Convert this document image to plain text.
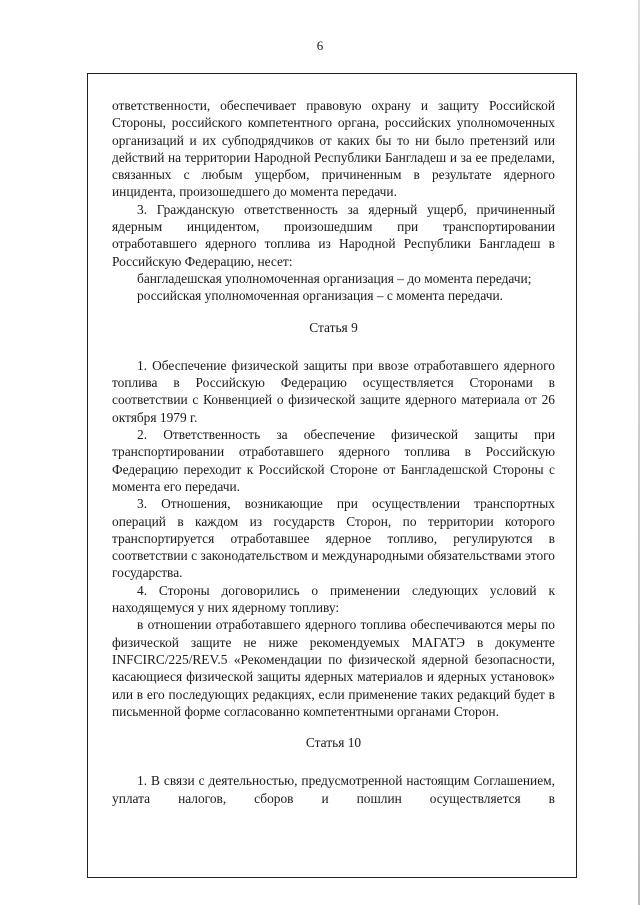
6

ответственности, обеспечивает правовую охрану и защиту Российской Стороны, российского компетентного органа, российских уполномоченных организаций и их субподрядчиков от каких бы то ни было претензий или действий на территории Народной Республики Бангладеш и за ее пределами, связанных с любым ущербом, причиненным в результате ядерного инцидента, произошедшего до момента передачи.

3. Гражданскую ответственность за ядерный ущерб, причиненный ядерным инцидентом, произошедшим при транспортировании отработавшего ядерного топлива из Народной Республики Бангладеш в Российскую Федерацию, несет:

бангладешская уполномоченная организация – до момента передачи;

российская уполномоченная организация – с момента передачи.

Статья 9

1. Обеспечение физической защиты при ввозе отработавшего ядерного топлива в Российскую Федерацию осуществляется Сторонами в соответствии с Конвенцией о физической защите ядерного материала от 26 октября 1979 г.

2. Ответственность за обеспечение физической защиты при транспортировании отработавшего ядерного топлива в Российскую Федерацию переходит к Российской Стороне от Бангладешской Стороны с момента его передачи.

3. Отношения, возникающие при осуществлении транспортных операций в каждом из государств Сторон, по территории которого транспортируется отработавшее ядерное топливо, регулируются в соответствии с законодательством и международными обязательствами этого государства.

4. Стороны договорились о применении следующих условий к находящемуся у них ядерному топливу:

в отношении отработавшего ядерного топлива обеспечиваются меры по физической защите не ниже рекомендуемых МАГАТЭ в документе INFCIRC/225/REV.5 «Рекомендации по физической ядерной безопасности, касающиеся физической защиты ядерных материалов и ядерных установок» или в его последующих редакциях, если применение таких редакций будет в письменной форме согласованно компетентными органами Сторон.

Статья 10

1. В связи с деятельностью, предусмотренной настоящим Соглашением, уплата налогов, сборов и пошлин осуществляется в
